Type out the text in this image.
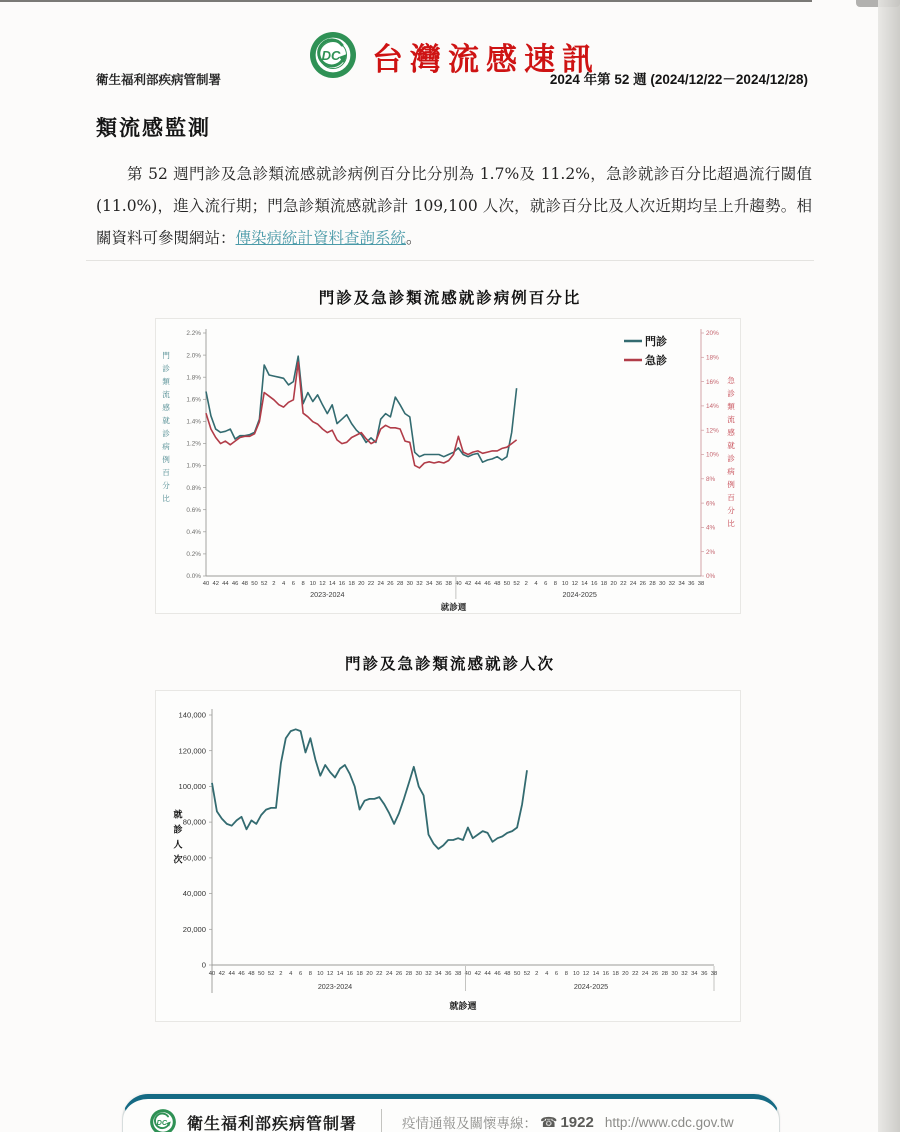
DC 台灣流感速訊
衛生福利部疾病管制署	2024 年第 52 週 (2024/12/22－2024/12/28)
類流感監測
第 52 週門診及急診類流感就診病例百分比分別為 1.7%及 11.2%，急診就診百分比超過流行閾值(11.0%)，進入流行期；門急診類流感就診計 109,100 人次，就診百分比及人次近期均呈上升趨勢。相關資料可參閱網站：傳染病統計資料查詢系統。
門診及急診類流感就診病例百分比
0.0%
0.2%
0.4%
0.6%
0.8%
1.0%
1.2%
1.4%
1.6%
1.8%
2.0%
2.2%
0%
2%
4%
6%
8%
10%
12%
14%
16%
18%
20%
40 42 44 46 48 50 52 2 4 6 8 10 12 14 16 18 20 22 24 26 28 30 32 34 36 38 40 42 44 46 48 50 52 2 4 6 8 10 12 14 16 18 20 22 24 26 28 30 32 34 36 38
2023-2024	2024-2025
就診週
門
診
類
流
感
就
診
病
例
百
分
比
急
診
類
流
感
就
診
病
例
百
分
比
門診
急診
門診及急診類流感就診人次
0
20,000
40,000
60,000
80,000
100,000
120,000
140,000
40 42 44 46 48 50 52 2 4 6 8 10 12 14 16 18 20 22 24 26 28 30 32 34 36 38 40 42 44 46 48 50 52 2 4 6 8 10 12 14 16 18 20 22 24 26 28 30 32 34 36 38
2023-2024	2024-2025
就診週
就
診
人
次
DC 衛生福利部疾病管制署	疫情通報及關懷專線： ☎ 1922 http://www.cdc.gov.tw
